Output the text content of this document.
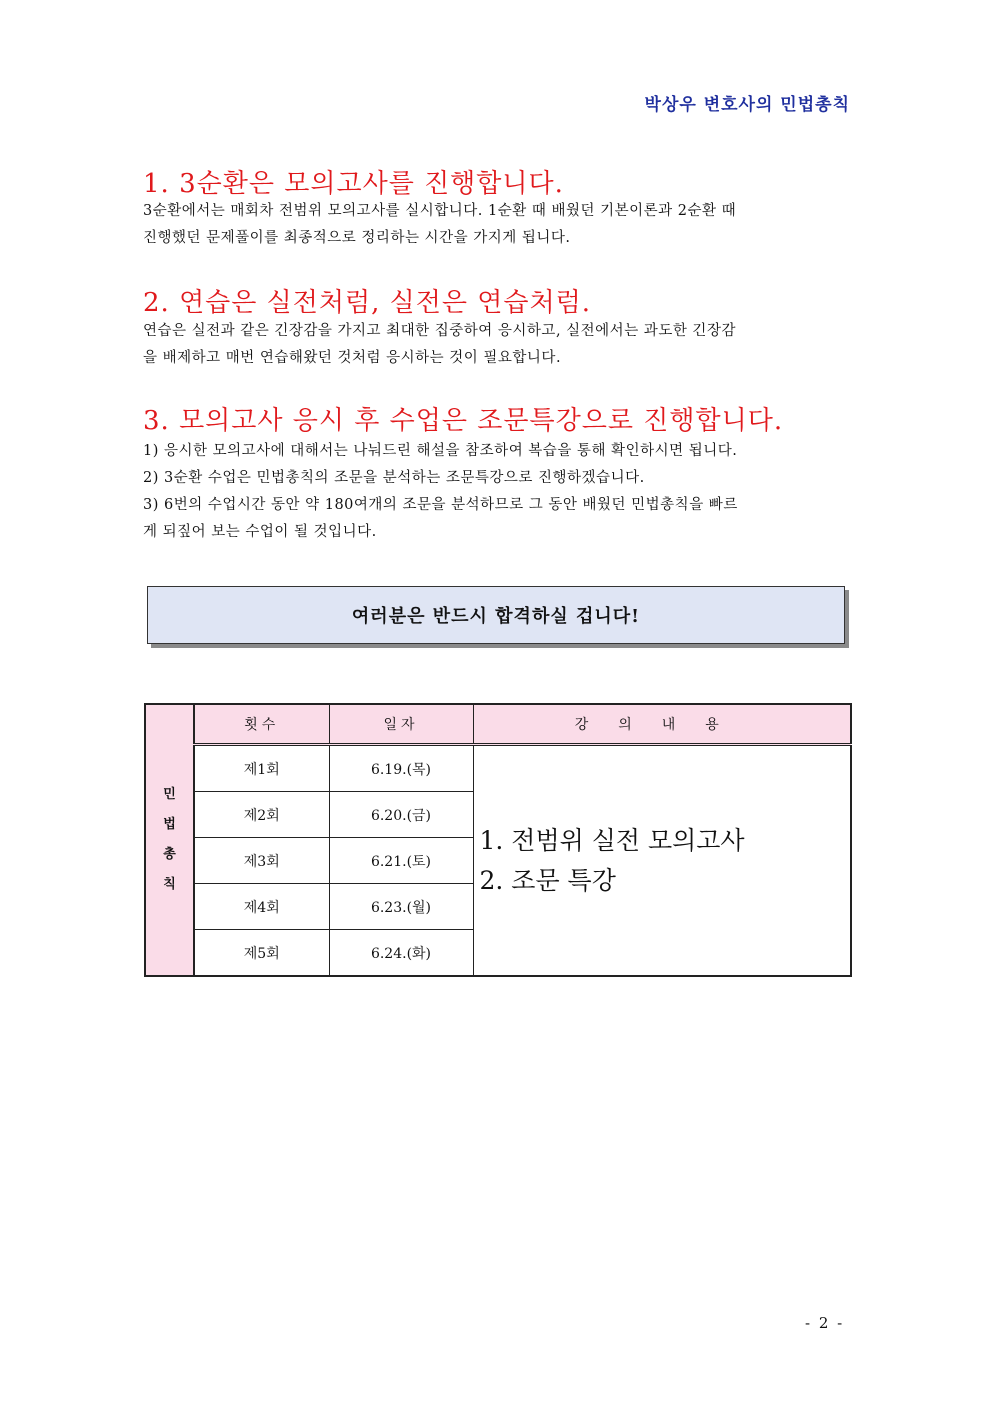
박상우 변호사의 민법총칙
1. 3순환은 모의고사를 진행합니다.
3순환에서는 매회차 전범위 모의고사를 실시합니다. 1순환 때 배웠던 기본이론과 2순환 때
진행했던 문제풀이를 최종적으로 정리하는 시간을 가지게 됩니다.
2. 연습은 실전처럼, 실전은 연습처럼.
연습은 실전과 같은 긴장감을 가지고 최대한 집중하여 응시하고, 실전에서는 과도한 긴장감
을 배제하고 매번 연습해왔던 것처럼 응시하는 것이 필요합니다.
3. 모의고사 응시 후 수업은 조문특강으로 진행합니다.
1) 응시한 모의고사에 대해서는 나눠드린 해설을 참조하여 복습을 통해 확인하시면 됩니다.
2) 3순환 수업은 민법총칙의 조문을 분석하는 조문특강으로 진행하겠습니다.
3) 6번의 수업시간 동안 약 180여개의 조문을 분석하므로 그 동안 배웠던 민법총칙을 빠르
게 되짚어 보는 수업이 될 것입니다.
여러분은 반드시 합격하실 겁니다!
민
법
총
칙	횟수	일자	강의내용
	제1회	6.19.(목)	1. 전범위 실전 모의고사
2. 조문 특강

	제2회	6.20.(금)	
	제3회	6.21.(토)	
	제4회	6.23.(월)	
	제5회	6.24.(화)	
- 2 -
